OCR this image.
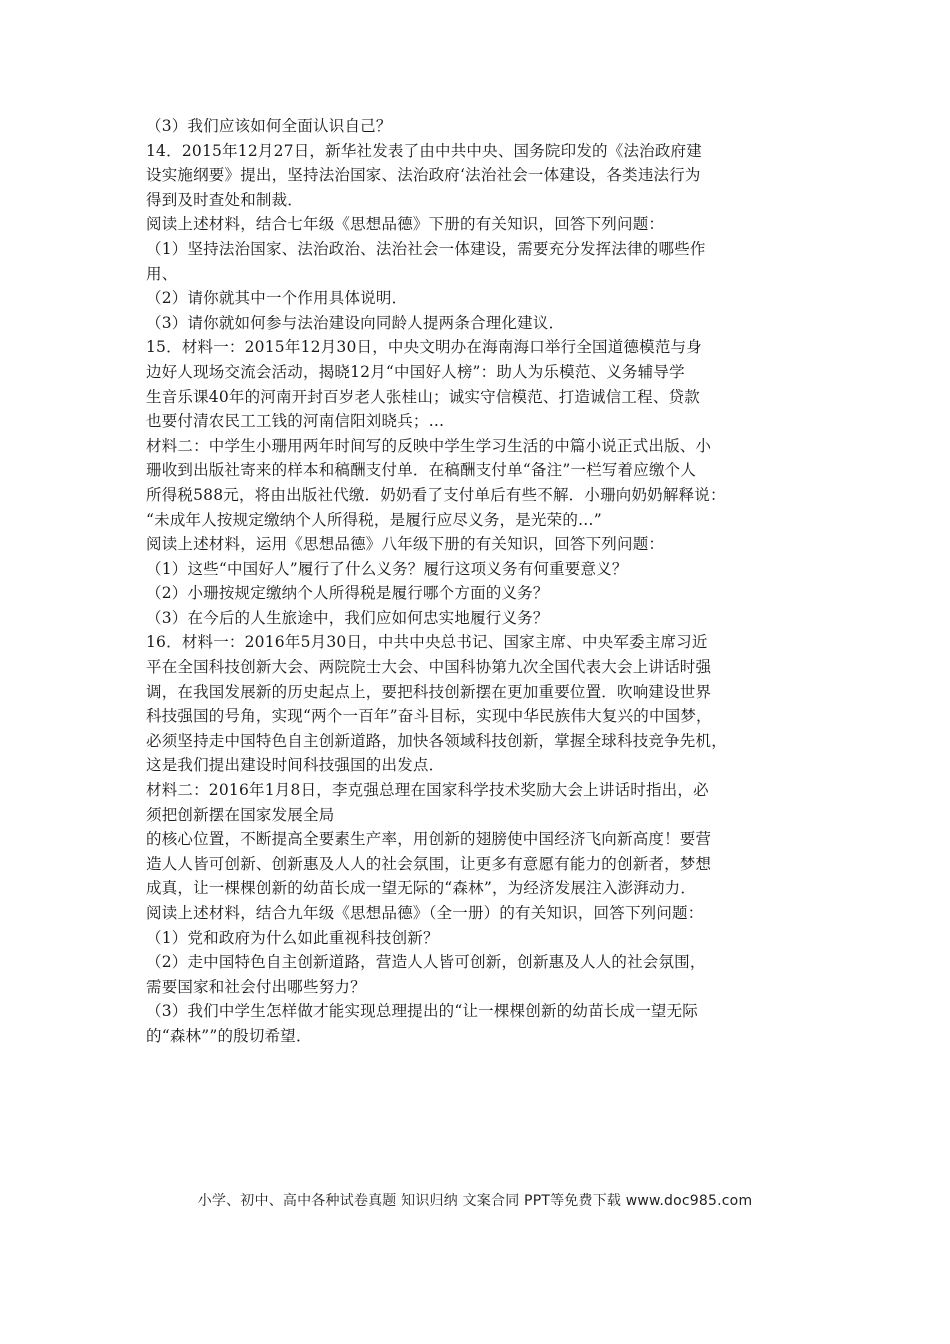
（3）我们应该如何全面认识自己？
14．2015年12月27日，新华社发表了由中共中央、国务院印发的《法治政府建
设实施纲要》提出，坚持法治国家、法治政府‘法治社会一体建设，各类违法行为
得到及时查处和制裁．
阅读上述材料，结合七年级《思想品德》下册的有关知识，回答下列问题：
（1）坚持法治国家、法治政治、法治社会一体建设，需要充分发挥法律的哪些作
用、
（2）请你就其中一个作用具体说明．
（3）请你就如何参与法治建设向同龄人提两条合理化建议．
15．材料一：2015年12月30日，中央文明办在海南海口举行全国道德模范与身
边好人现场交流会活动，揭晓12月“中国好人榜”：助人为乐模范、义务辅导学
生音乐课40年的河南开封百岁老人张桂山；诚实守信模范、打造诚信工程、贷款
也要付清农民工工钱的河南信阳刘晓兵；…
材料二：中学生小珊用两年时间写的反映中学生学习生活的中篇小说正式出版、小
珊收到出版社寄来的样本和稿酬支付单．在稿酬支付单“备注”一栏写着应缴个人
所得税588元，将由出版社代缴．奶奶看了支付单后有些不解．小珊向奶奶解释说：
“未成年人按规定缴纳个人所得税，是履行应尽义务，是光荣的…”
阅读上述材料，运用《思想品德》八年级下册的有关知识，回答下列问题：
（1）这些“中国好人”履行了什么义务？履行这项义务有何重要意义？
（2）小珊按规定缴纳个人所得税是履行哪个方面的义务？
（3）在今后的人生旅途中，我们应如何忠实地履行义务？
16．材料一：2016年5月30日，中共中央总书记、国家主席、中央军委主席习近
平在全国科技创新大会、两院院士大会、中国科协第九次全国代表大会上讲话时强
调，在我国发展新的历史起点上，要把科技创新摆在更加重要位置．吹响建设世界
科技强国的号角，实现“两个一百年”奋斗目标，实现中华民族伟大复兴的中国梦，
必须坚持走中国特色自主创新道路，加快各领域科技创新，掌握全球科技竞争先机，
这是我们提出建设时间科技强国的出发点．
材料二：2016年1月8日，李克强总理在国家科学技术奖励大会上讲话时指出，必
须把创新摆在国家发展全局
的核心位置，不断提高全要素生产率，用创新的翅膀使中国经济飞向新高度！要营
造人人皆可创新、创新惠及人人的社会氛围，让更多有意愿有能力的创新者，梦想
成真，让一棵棵创新的幼苗长成一望无际的“森林”，为经济发展注入澎湃动力．
阅读上述材料，结合九年级《思想品德》（全一册）的有关知识，回答下列问题：
（1）党和政府为什么如此重视科技创新？
（2）走中国特色自主创新道路，营造人人皆可创新，创新惠及人人的社会氛围，
需要国家和社会付出哪些努力？
（3）我们中学生怎样做才能实现总理提出的“让一棵棵创新的幼苗长成一望无际
的“森林””的殷切希望．
小学、初中、高中各种试卷真题 知识归纳 文案合同 PPT等免费下载 www.doc985.com
